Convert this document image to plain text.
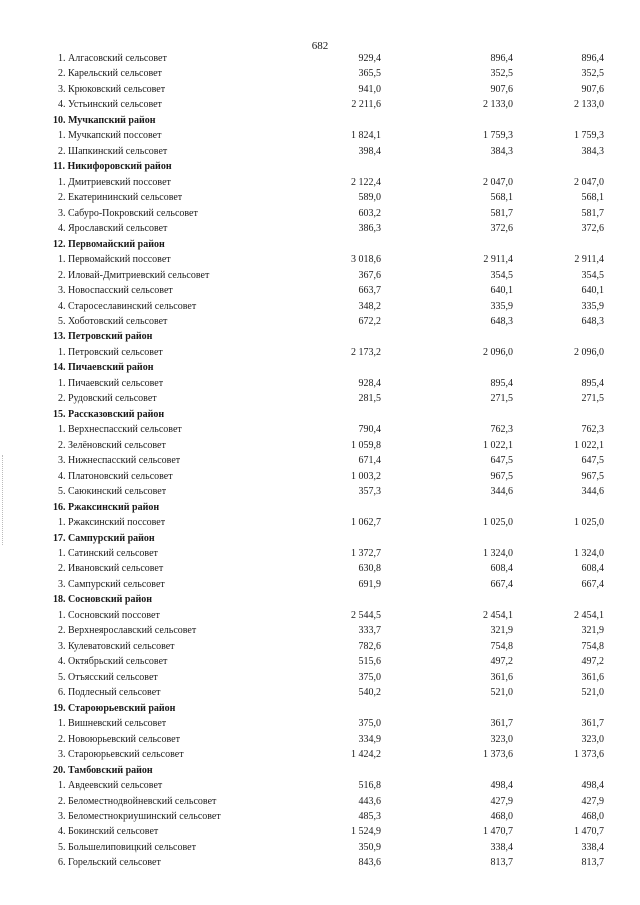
682
1. Алгасовский сельсовет	929,4	896,4	896,4
2. Карельский сельсовет	365,5	352,5	352,5
3. Крюковский сельсовет	941,0	907,6	907,6
4. Устьинский сельсовет	2 211,6	2 133,0	2 133,0
10. Мучкапский район
1. Мучкапский поссовет	1 824,1	1 759,3	1 759,3
2. Шапкинский сельсовет	398,4	384,3	384,3
11. Никифоровский район
1. Дмитриевский поссовет	2 122,4	2 047,0	2 047,0
2. Екатерининский сельсовет	589,0	568,1	568,1
3. Сабуро-Покровский сельсовет	603,2	581,7	581,7
4. Ярославский сельсовет	386,3	372,6	372,6
12. Первомайский район
1. Первомайский поссовет	3 018,6	2 911,4	2 911,4
2. Иловай-Дмитриевский сельсовет	367,6	354,5	354,5
3. Новоспасский сельсовет	663,7	640,1	640,1
4. Старосеславинский сельсовет	348,2	335,9	335,9
5. Хоботовский сельсовет	672,2	648,3	648,3
13. Петровский район
1. Петровский сельсовет	2 173,2	2 096,0	2 096,0
14. Пичаевский район
1. Пичаевский сельсовет	928,4	895,4	895,4
2. Рудовский сельсовет	281,5	271,5	271,5
15. Рассказовский район
1. Верхнеспасский сельсовет	790,4	762,3	762,3
2. Зелёновский сельсовет	1 059,8	1 022,1	1 022,1
3. Нижнеспасский сельсовет	671,4	647,5	647,5
4. Платоновский сельсовет	1 003,2	967,5	967,5
5. Саюкинский сельсовет	357,3	344,6	344,6
16. Ржаксинский район
1. Ржаксинский поссовет	1 062,7	1 025,0	1 025,0
17. Сампурский район
1. Сатинский сельсовет	1 372,7	1 324,0	1 324,0
2. Ивановский сельсовет	630,8	608,4	608,4
3. Сампурский сельсовет	691,9	667,4	667,4
18. Сосновский район
1. Сосновский поссовет	2 544,5	2 454,1	2 454,1
2. Верхнеярославский сельсовет	333,7	321,9	321,9
3. Кулеватовский сельсовет	782,6	754,8	754,8
4. Октябрьский сельсовет	515,6	497,2	497,2
5. Отъясский сельсовет	375,0	361,6	361,6
6. Подлесный сельсовет	540,2	521,0	521,0
19. Староюрьевский район
1. Вишневский сельсовет	375,0	361,7	361,7
2. Новоюрьевский сельсовет	334,9	323,0	323,0
3. Староюрьевский сельсовет	1 424,2	1 373,6	1 373,6
20. Тамбовский район
1. Авдеевский сельсовет	516,8	498,4	498,4
2. Беломестнодвойневский сельсовет	443,6	427,9	427,9
3. Беломестнокриушинский сельсовет	485,3	468,0	468,0
4. Бокинский сельсовет	1 524,9	1 470,7	1 470,7
5. Большелиповицкий сельсовет	350,9	338,4	338,4
6. Горельский сельсовет	843,6	813,7	813,7
